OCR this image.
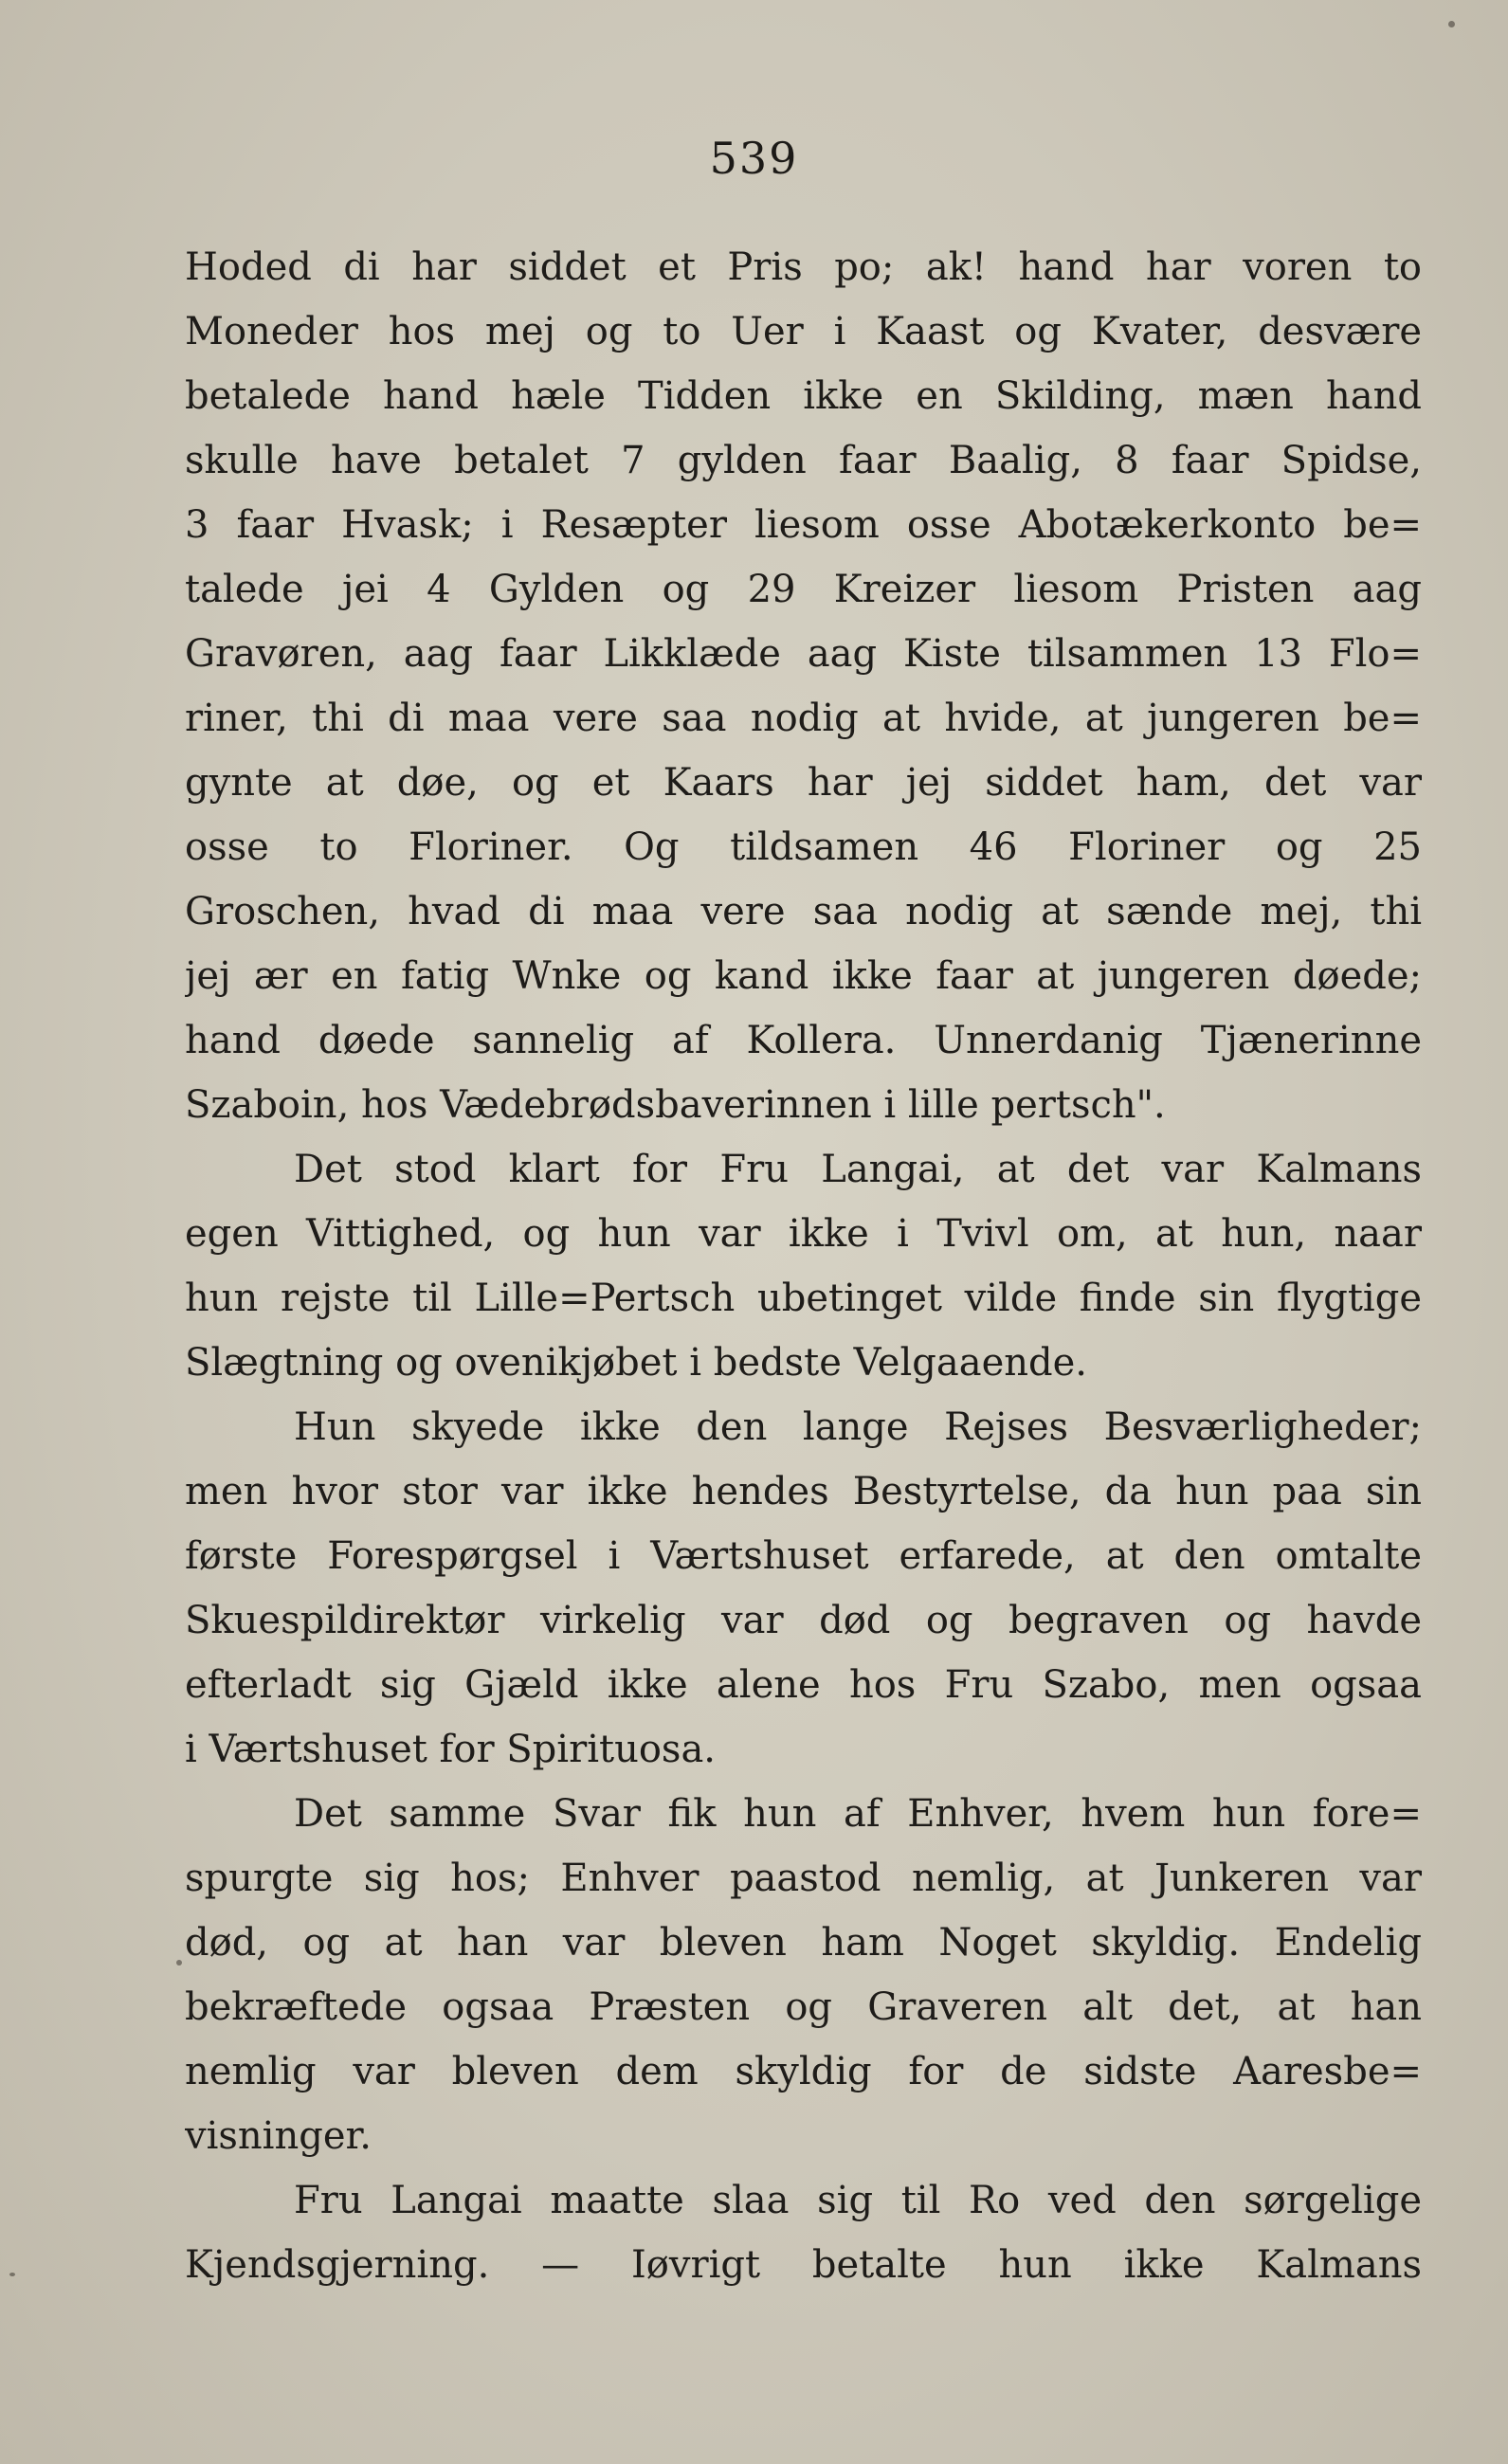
539
Hoded di har siddet et Pris po; ak! hand har voren to
Moneder hos mej og to Uer i Kaast og Kvater, desvære
betalede hand hæle Tidden ikke en Skilding, mæn hand
skulle have betalet 7 gylden faar Baalig, 8 faar Spidse,
3 faar Hvask; i Resæpter liesom osse Abotækerkonto be=
talede jei 4 Gylden og 29 Kreizer liesom Pristen aag
Gravøren, aag faar Likklæde aag Kiste tilsammen 13 Flo=
riner, thi di maa vere saa nodig at hvide, at jungeren be=
gynte at døe, og et Kaars har jej siddet ham, det var
osse to Floriner. Og tildsamen 46 Floriner og 25
Groschen, hvad di maa vere saa nodig at sænde mej, thi
jej ær en fatig Wnke og kand ikke faar at jungeren døede;
hand døede sannelig af Kollera. Unnerdanig Tjænerinne
Szaboin, hos Vædebrødsbaverinnen i lille pertsch".
Det stod klart for Fru Langai, at det var Kalmans
egen Vittighed, og hun var ikke i Tvivl om, at hun, naar
hun rejste til Lille=Pertsch ubetinget vilde finde sin flygtige
Slægtning og ovenikjøbet i bedste Velgaaende.
Hun skyede ikke den lange Rejses Besværligheder;
men hvor stor var ikke hendes Bestyrtelse, da hun paa sin
første Forespørgsel i Værtshuset erfarede, at den omtalte
Skuespildirektør virkelig var død og begraven og havde
efterladt sig Gjæld ikke alene hos Fru Szabo, men ogsaa
i Værtshuset for Spirituosa.
Det samme Svar fik hun af Enhver, hvem hun fore=
spurgte sig hos; Enhver paastod nemlig, at Junkeren var
død, og at han var bleven ham Noget skyldig. Endelig
bekræftede ogsaa Præsten og Graveren alt det, at han
nemlig var bleven dem skyldig for de sidste Aaresbe=
visninger.
Fru Langai maatte slaa sig til Ro ved den sørgelige
Kjendsgjerning. — Iøvrigt betalte hun ikke Kalmans
